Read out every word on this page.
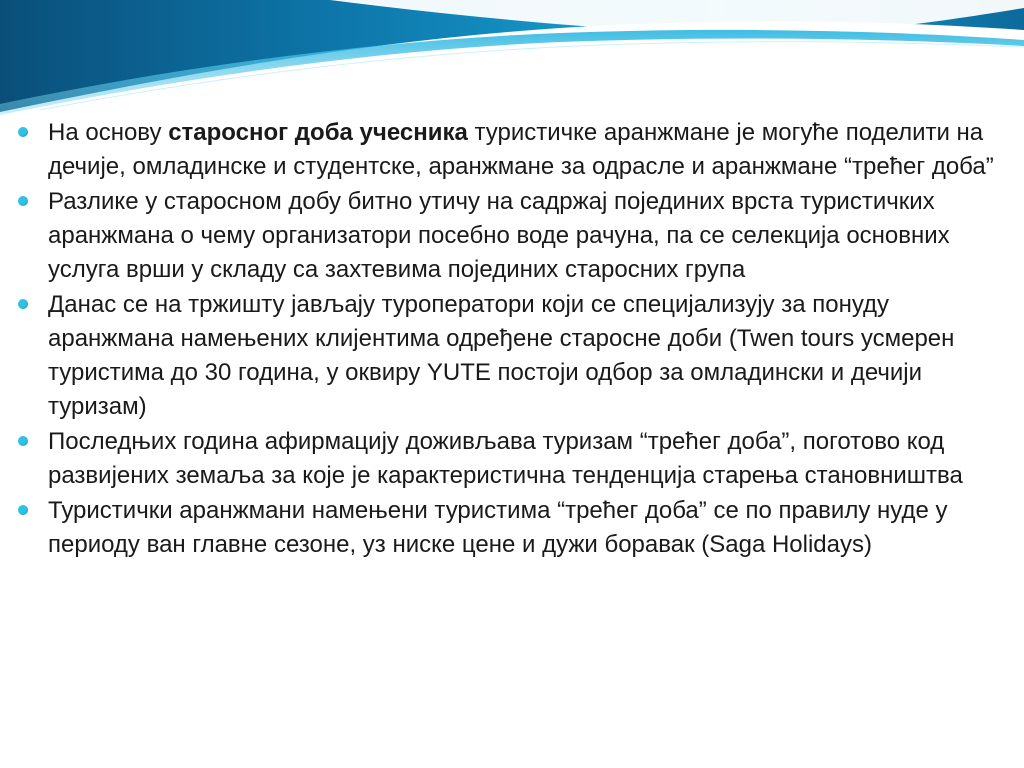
На основу старосног доба учесника туристичке аранжмане је могуће поделити на дечије, омладинске и студентске, аранжмане за одрасле и аранжмане “трећег доба”
Разлике у старосном добу битно утичу на садржај појединих врста туристичких аранжмана о чему организатори посебно воде рачуна, па се селекција основних услуга врши у складу са захтевима појединих старосних група
Данас се на тржишту јављају туроператори који се специјализују за понуду аранжмана намењених клијентима одређене старосне доби (Twen tours усмерен туристима до 30 година, у оквиру YUTE постоји одбор за омладински и дечији туризам)
Последњих година афирмацију доживљава туризам “трећег доба”, поготово код развијених земаља за које је карактеристична тенденција старења становништва
Туристички аранжмани намењени туристима “трећег доба” се по правилу нуде у периоду ван главне сезоне, уз ниске цене и дужи боравак (Saga Holidays)
